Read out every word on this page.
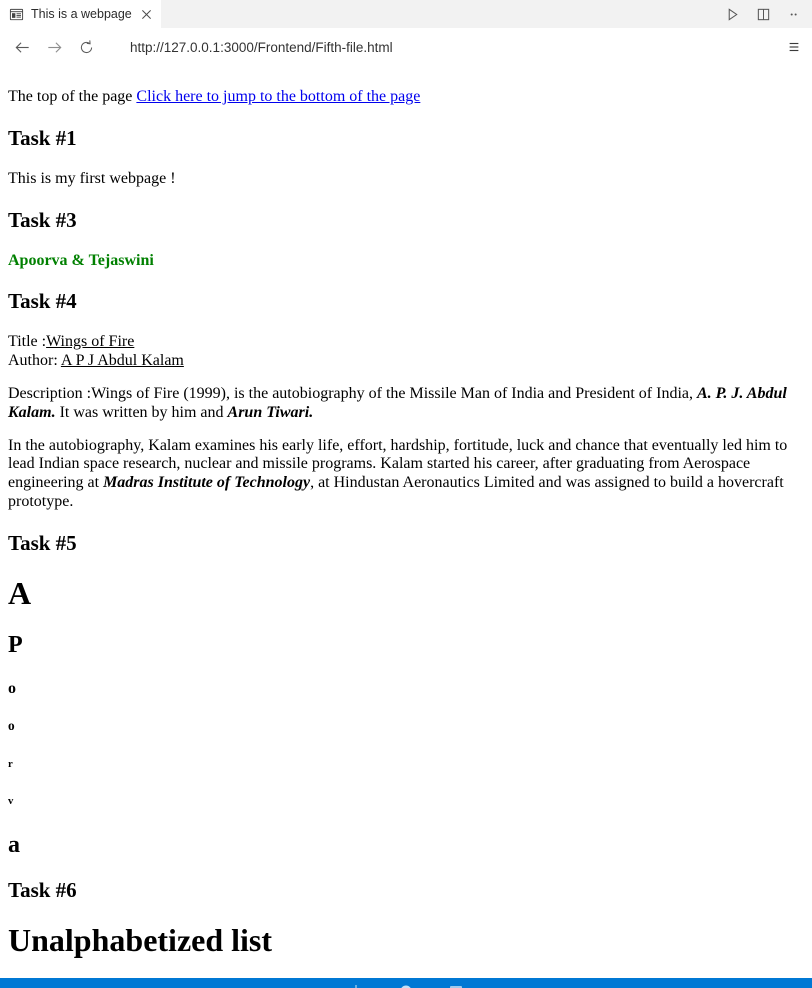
This is a webpage
http://127.0.0.1:3000/Frontend/Fifth-file.html

The top of the page Click here to jump to the bottom of the page

Task #1

This is my first webpage !

Task #3
Apoorva & Tejaswini
Task #4

Title :Wings of Fire
Author: A P J Abdul Kalam

Description :Wings of Fire (1999), is the autobiography of the Missile Man of India and President of India, A. P. J. Abdul Kalam. It was written by him and Arun Tiwari.

In the autobiography, Kalam examines his early life, effort, hardship, fortitude, luck and chance that eventually led him to lead Indian space research, nuclear and missile programs. Kalam started his career, after graduating from Aerospace engineering at Madras Institute of Technology, at Hindustan Aeronautics Limited and was assigned to build a hovercraft prototype.

Task #5
A
P
o
o
r
v
a
Task #6
Unalphabetized list
